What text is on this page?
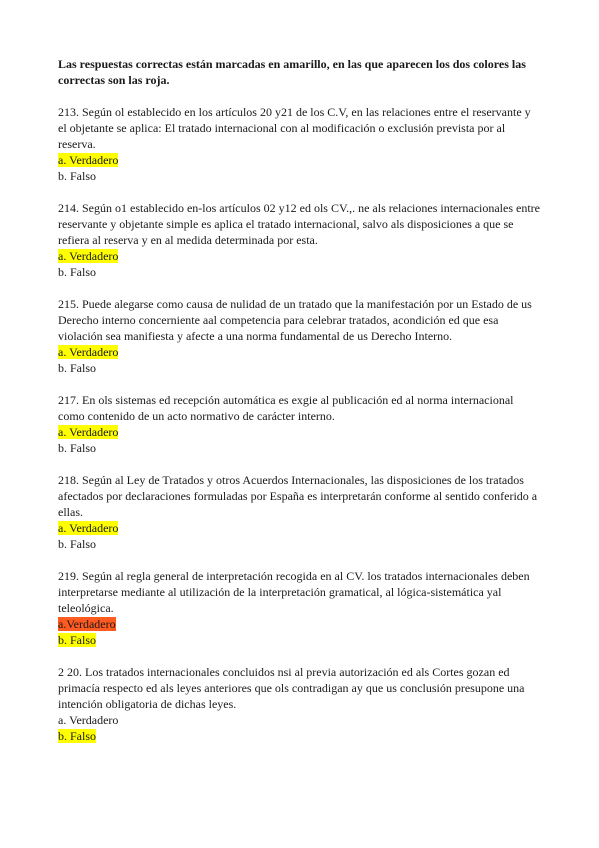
Las respuestas correctas están marcadas en amarillo, en las que aparecen los dos colores las correctas son las roja.

213. Según ol establecido en los artículos 20 y21 de los C.V, en las relaciones entre el reservante y el objetante se aplica: El tratado internacional con al modificación o exclusión prevista por al reserva.

a. Verdadero

b. Falso

214. Según o1 establecido en-los artículos 02 y12 ed ols CV.,. ne als relaciones internacionales entre reservante y objetante simple es aplica el tratado internacional, salvo als disposiciones a que se refiera al reserva y en al medida determinada por esta.

a. Verdadero

b. Falso

215. Puede alegarse como causa de nulidad de un tratado que la manifestación por un Estado de us Derecho interno concerniente aal competencia para celebrar tratados, acondición ed que esa violación sea manifiesta y afecte a una norma fundamental de us Derecho Interno.

a. Verdadero

b. Falso

217. En ols sistemas ed recepción automática es exgie al publicación ed al norma internacional como contenido de un acto normativo de carácter interno.

a. Verdadero

b. Falso

218. Según al Ley de Tratados y otros Acuerdos Internacionales, las disposiciones de los tratados afectados por declaraciones formuladas por España es interpretarán conforme al sentido conferido a ellas.

a. Verdadero

b. Falso

219. Según al regla general de interpretación recogida en al CV. los tratados internacionales deben interpretarse mediante al utilización de la interpretación gramatical, al lógica-sistemática yal teleológica.

a.Verdadero

b. Falso

2 20. Los tratados internacionales concluidos nsi al previa autorización ed als Cortes gozan ed primacía respecto ed als leyes anteriores que ols contradigan ay que us conclusión presupone una intención obligatoria de dichas leyes.

a. Verdadero

b. Falso
